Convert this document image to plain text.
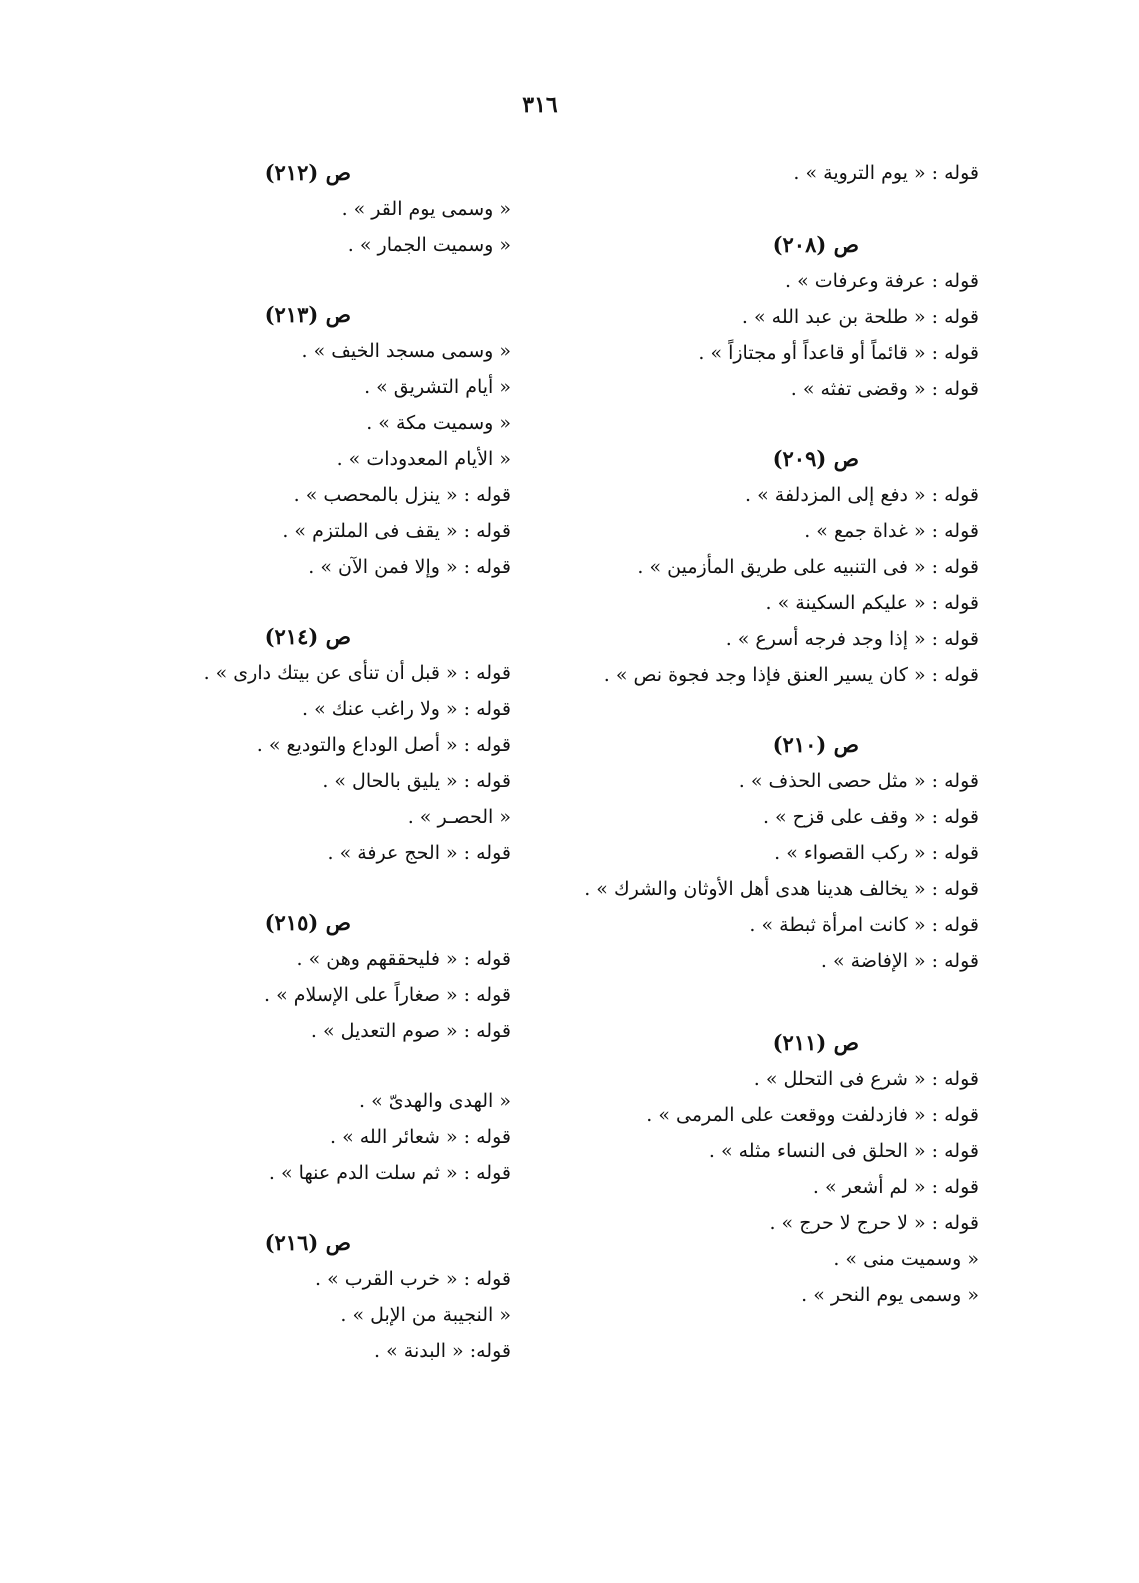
٣١٦
قوله : « يوم التروية » .
ص (٢٠٨)
قوله : عرفة وعرفات » .
قوله : « طلحة بن عبد الله » .
قوله : « قائماً أو قاعداً أو مجتازاً » .
قوله : « وقضى تفثه » .
ص (٢٠٩)
قوله : « دفع إلى المزدلفة » .
قوله : « غداة جمع » .
قوله : « فى التنبيه على طريق المأزمين » .
قوله : « عليكم السكينة » .
قوله : « إذا وجد فرجه أسرع » .
قوله : « كان يسير العنق فإذا وجد فجوة نص » .
ص (٢١٠)
قوله : « مثل حصى الحذف » .
قوله : « وقف على قزح » .
قوله : « ركب القصواء » .
قوله : « يخالف هدينا هدى أهل الأوثان والشرك » .
قوله : « كانت امرأة ثبطة » .
قوله : « الإفاضة » .
ص (٢١١)
قوله : « شرع فى التحلل » .
قوله : « فازدلفت ووقعت على المرمى » .
قوله : « الحلق فى النساء مثله » .
قوله : « لم أشعر » .
قوله : « لا حرج لا حرج » .
« وسميت منى » .
« وسمى يوم النحر » .
ص (٢١٢)
« وسمى يوم القر » .
« وسميت الجمار » .
ص (٢١٣)
« وسمى مسجد الخيف » .
« أيام التشريق » .
« وسميت مكة » .
« الأيام المعدودات » .
قوله : « ينزل بالمحصب » .
قوله : « يقف فى الملتزم » .
قوله : « وإلا فمن الآن » .
ص (٢١٤)
قوله : « قبل أن تنأى عن بيتك دارى » .
قوله : « ولا راغب عنك » .
قوله : « أصل الوداع والتوديع » .
قوله : « يليق بالحال » .
« الحصـر » .
قوله : « الحج عرفة » .
ص (٢١٥)
قوله : « فليحققهم وهن » .
قوله : « صغاراً على الإسلام » .
قوله : « صوم التعديل » .
« الهدى والهدىّ » .
قوله : « شعائر الله » .
قوله : « ثم سلت الدم عنها » .
ص (٢١٦)
قوله : « خرب القرب » .
« النجيبة من الإبل » .
قوله: « البدنة » .
